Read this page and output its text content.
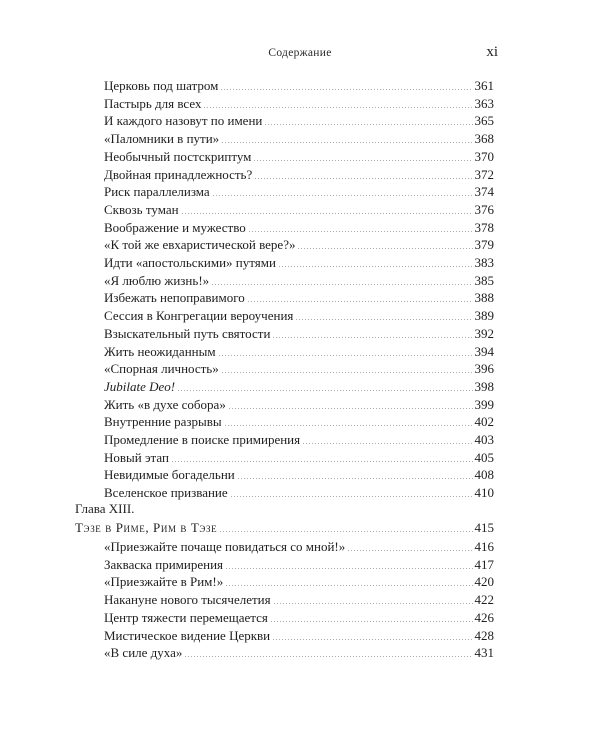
Содержание	xi
Церковь под шатром	361
Пастырь для всех	363
И каждого назовут по имени	365
«Паломники в пути»	368
Необычный постскриптум	370
Двойная принадлежность?	372
Риск параллелизма	374
Сквозь туман	376
Воображение и мужество	378
«К той же евхаристической вере?»	379
Идти «апостольскими» путями	383
«Я люблю жизнь!»	385
Избежать непоправимого	388
Сессия в Конгрегации вероучения	389
Взыскательный путь святости	392
Жить неожиданным	394
«Спорная личность»	396
Jubilate Deo!	398
Жить «в духе собора»	399
Внутренние разрывы	402
Промедление в поиске примирения	403
Новый этап	405
Невидимые богадельни	408
Вселенское призвание	410
Тэзе в Риме, Рим в Тэзе	415
«Приезжайте почаще повидаться со мной!»	416
Закваска примирения	417
«Приезжайте в Рим!»	420
Накануне нового тысячелетия	422
Центр тяжести перемещается	426
Мистическое видение Церкви	428
«В силе духа»	431
Глава XIII.
